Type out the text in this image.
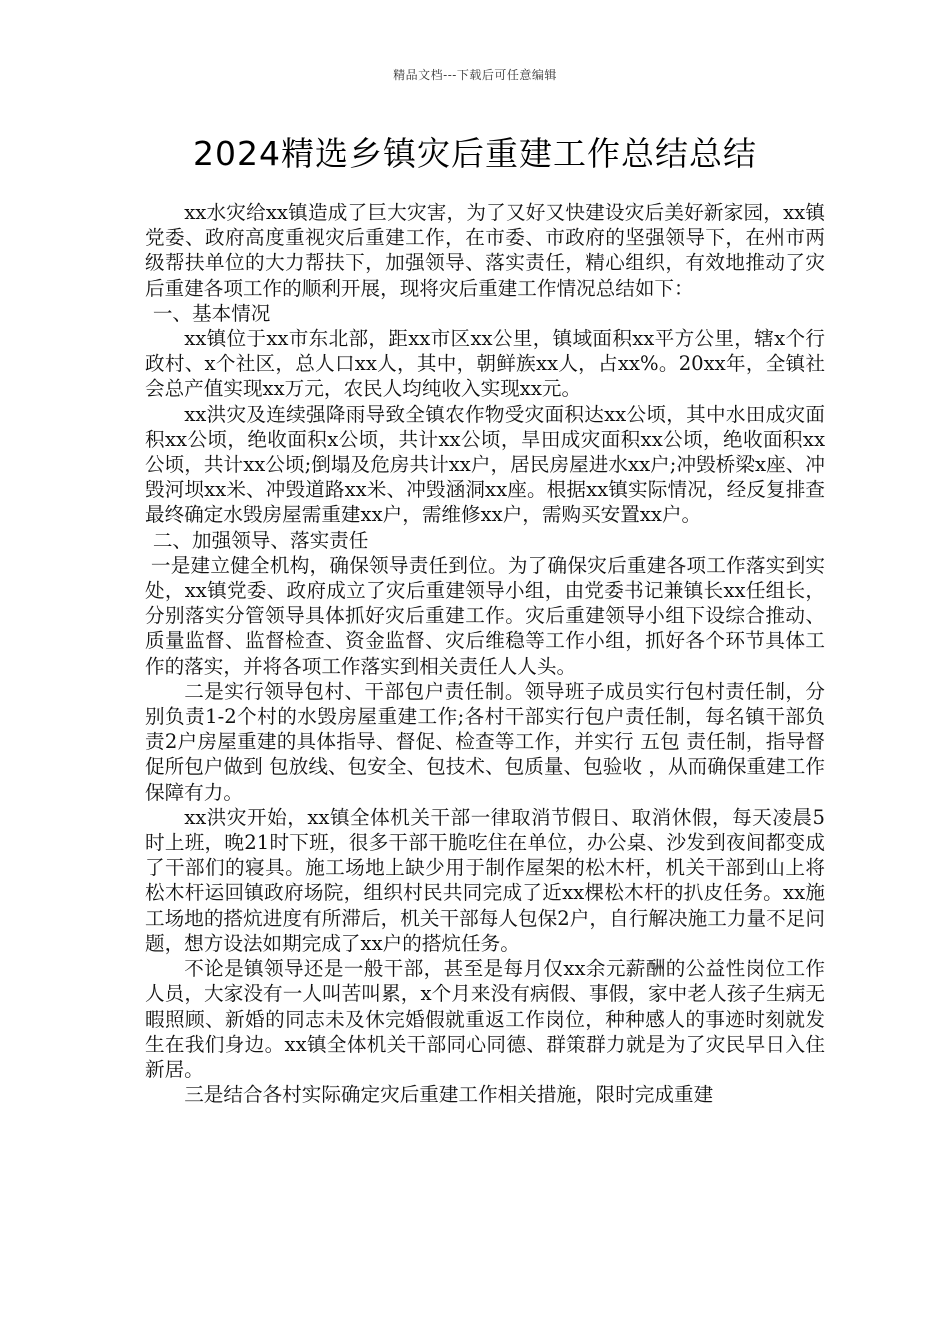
精品文档---下载后可任意编辑
2024精选乡镇灾后重建工作总结总结

xx水灾给xx镇造成了巨大灾害，为了又好又快建设灾后美好新家园，xx镇党委、政府高度重视灾后重建工作，在市委、市政府的坚强领导下，在州市两级帮扶单位的大力帮扶下，加强领导、落实责任，精心组织，有效地推动了灾后重建各项工作的顺利开展，现将灾后重建工作情况总结如下：

一、基本情况

xx镇位于xx市东北部，距xx市区xx公里，镇域面积xx平方公里，辖x个行政村、x个社区，总人口xx人，其中，朝鲜族xx人，占xx%。20xx年，全镇社会总产值实现xx万元，农民人均纯收入实现xx元。

xx洪灾及连续强降雨导致全镇农作物受灾面积达xx公顷，其中水田成灾面积xx公顷，绝收面积x公顷，共计xx公顷，旱田成灾面积xx公顷，绝收面积xx公顷，共计xx公顷;倒塌及危房共计xx户，居民房屋进水xx户;冲毁桥梁x座、冲毁河坝xx米、冲毁道路xx米、冲毁涵洞xx座。根据xx镇实际情况，经反复排查最终确定水毁房屋需重建xx户，需维修xx户，需购买安置xx户。

二、加强领导、落实责任

一是建立健全机构，确保领导责任到位。为了确保灾后重建各项工作落实到实处，xx镇党委、政府成立了灾后重建领导小组，由党委书记兼镇长xx任组长，分别落实分管领导具体抓好灾后重建工作。灾后重建领导小组下设综合推动、质量监督、监督检查、资金监督、灾后维稳等工作小组，抓好各个环节具体工作的落实，并将各项工作落实到相关责任人人头。

二是实行领导包村、干部包户责任制。领导班子成员实行包村责任制，分别负责1-2个村的水毁房屋重建工作;各村干部实行包户责任制，每名镇干部负责2户房屋重建的具体指导、督促、检查等工作，并实行 五包 责任制，指导督促所包户做到 包放线、包安全、包技术、包质量、包验收 ，从而确保重建工作保障有力。

xx洪灾开始，xx镇全体机关干部一律取消节假日、取消休假，每天凌晨5时上班，晚21时下班，很多干部干脆吃住在单位，办公桌、沙发到夜间都变成了干部们的寝具。施工场地上缺少用于制作屋架的松木杆，机关干部到山上将松木杆运回镇政府场院，组织村民共同完成了近xx棵松木杆的扒皮任务。xx施工场地的搭炕进度有所滞后，机关干部每人包保2户，自行解决施工力量不足问题，想方设法如期完成了xx户的搭炕任务。

不论是镇领导还是一般干部，甚至是每月仅xx余元薪酬的公益性岗位工作人员，大家没有一人叫苦叫累，x个月来没有病假、事假，家中老人孩子生病无暇照顾、新婚的同志未及休完婚假就重返工作岗位，种种感人的事迹时刻就发生在我们身边。xx镇全体机关干部同心同德、群策群力就是为了灾民早日入住新居。

三是结合各村实际确定灾后重建工作相关措施，限时完成重建
